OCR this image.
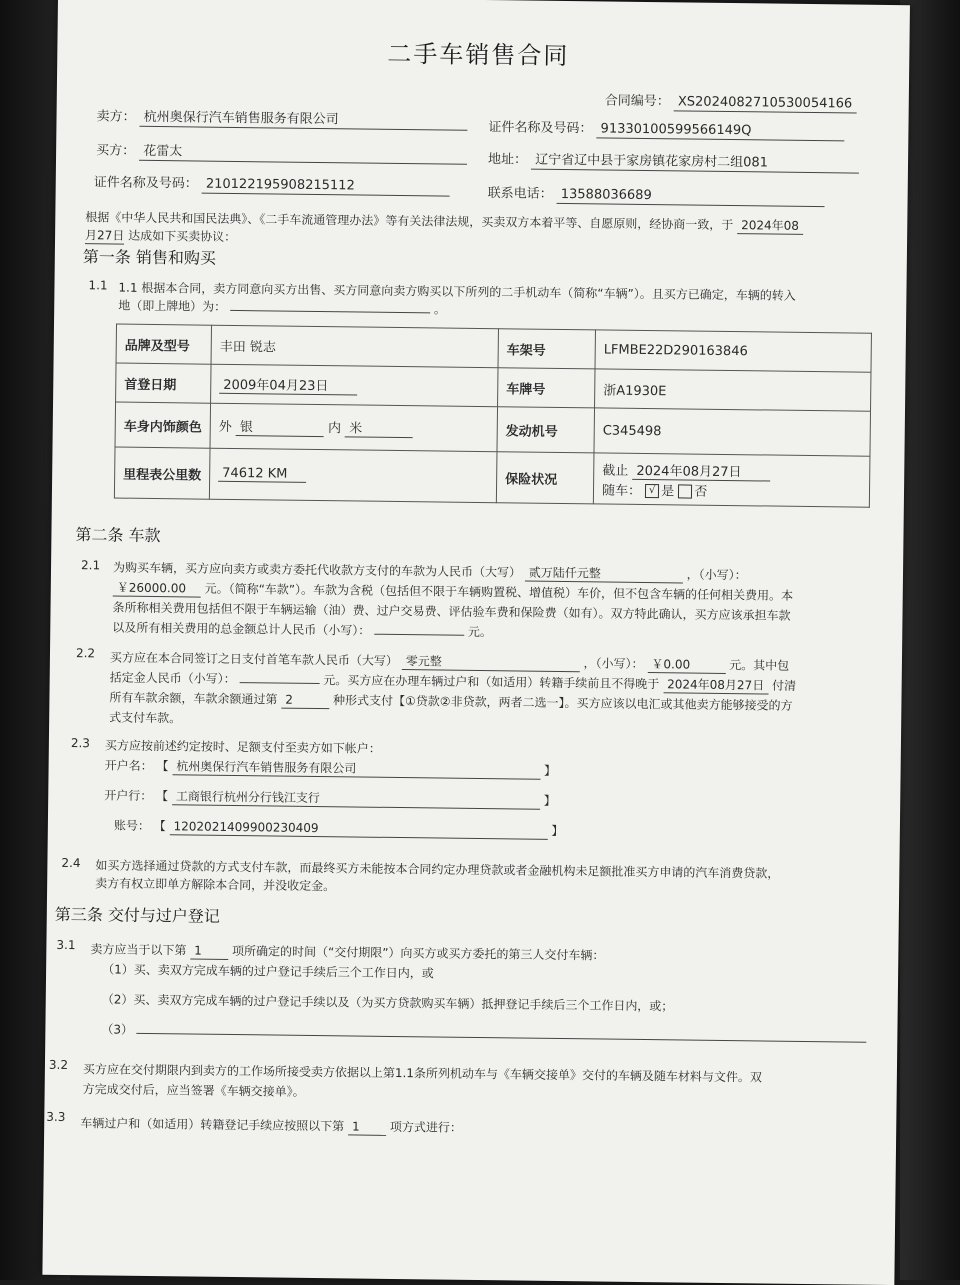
二手车销售合同
合同编号： XS2024082710530054166
卖方： 杭州奥保行汽车销售服务有限公司
证件名称及号码： 91330100599566149Q
买方： 花雷太
地址： 辽宁省辽中县于家房镇花家房村二组081
证件名称及号码： 210122195908215112
联系电话： 13588036689
根据《中华人民共和国民法典》、《二手车流通管理办法》等有关法律法规，买卖双方本着平等、自愿原则，经协商一致，于 2024年08
月27日 达成如下买卖协议：
第一条 销售和购买
1.1 1.1 根据本合同，卖方同意向买方出售、买方同意向卖方购买以下所列的二手机动车（简称“车辆”）。且买方已确定，车辆的转入
地（即上牌地）为：	。
品牌及型号	丰田 锐志	车架号	LFMBE22D290163846
首登日期	2009年04月23日	车牌号	浙A1930E
车身内饰颜色	外 银 内 米	发动机号	C345498
里程表公里数	74612 KM	保险状况	截止 2024年08月27日
随车： √ 是 否
第二条 车款
2.1 为购买车辆，买方应向卖方或卖方委托代收款方支付的车款为人民币（大写） 贰万陆仟元整	，（小写）：
￥26000.00 元。（简称“车款”）。车款为含税（包括但不限于车辆购置税、增值税）车价，但不包含车辆的任何相关费用。本
条所称相关费用包括但不限于车辆运输（油）费、过户交易费、评估验车费和保险费（如有）。双方特此确认，买方应该承担车款
以及所有相关费用的总金额总计人民币（小写）：	元。
2.2 买方应在本合同签订之日支付首笔车款人民币（大写） 零元整	，（小写）： ￥0.00	元。其中包
括定金人民币（小写）：	元。买方应在办理车辆过户和（如适用）转籍手续前且不得晚于 2024年08月27日 付清
所有车款余额，车款余额通过第 2	种形式支付【①贷款②非贷款，两者二选一】。买方应该以电汇或其他卖方能够接受的方
式支付车款。
2.3 买方应按前述约定按时、足额支付至卖方如下帐户：
开户名： 【 杭州奥保行汽车销售服务有限公司	】
开户行： 【 工商银行杭州分行钱江支行	】
账号： 【 1202021409900230409	】
2.4 如买方选择通过贷款的方式支付车款，而最终买方未能按本合同约定办理贷款或者金融机构未足额批准买方申请的汽车消费贷款，
卖方有权立即单方解除本合同，并没收定金。
第三条 交付与过户登记
3.1 卖方应当于以下第 1	项所确定的时间（“交付期限”）向买方或买方委托的第三人交付车辆：
（1）买、卖双方完成车辆的过户登记手续后三个工作日内，或
（2）买、卖双方完成车辆的过户登记手续以及（为买方贷款购买车辆）抵押登记手续后三个工作日内，或；
（3）
3.2 买方应在交付期限内到卖方的工作场所接受卖方依据以上第1.1条所列机动车与《车辆交接单》交付的车辆及随车材料与文件。双
方完成交付后，应当签署《车辆交接单》。
3.3 车辆过户和（如适用）转籍登记手续应按照以下第 1	项方式进行：
